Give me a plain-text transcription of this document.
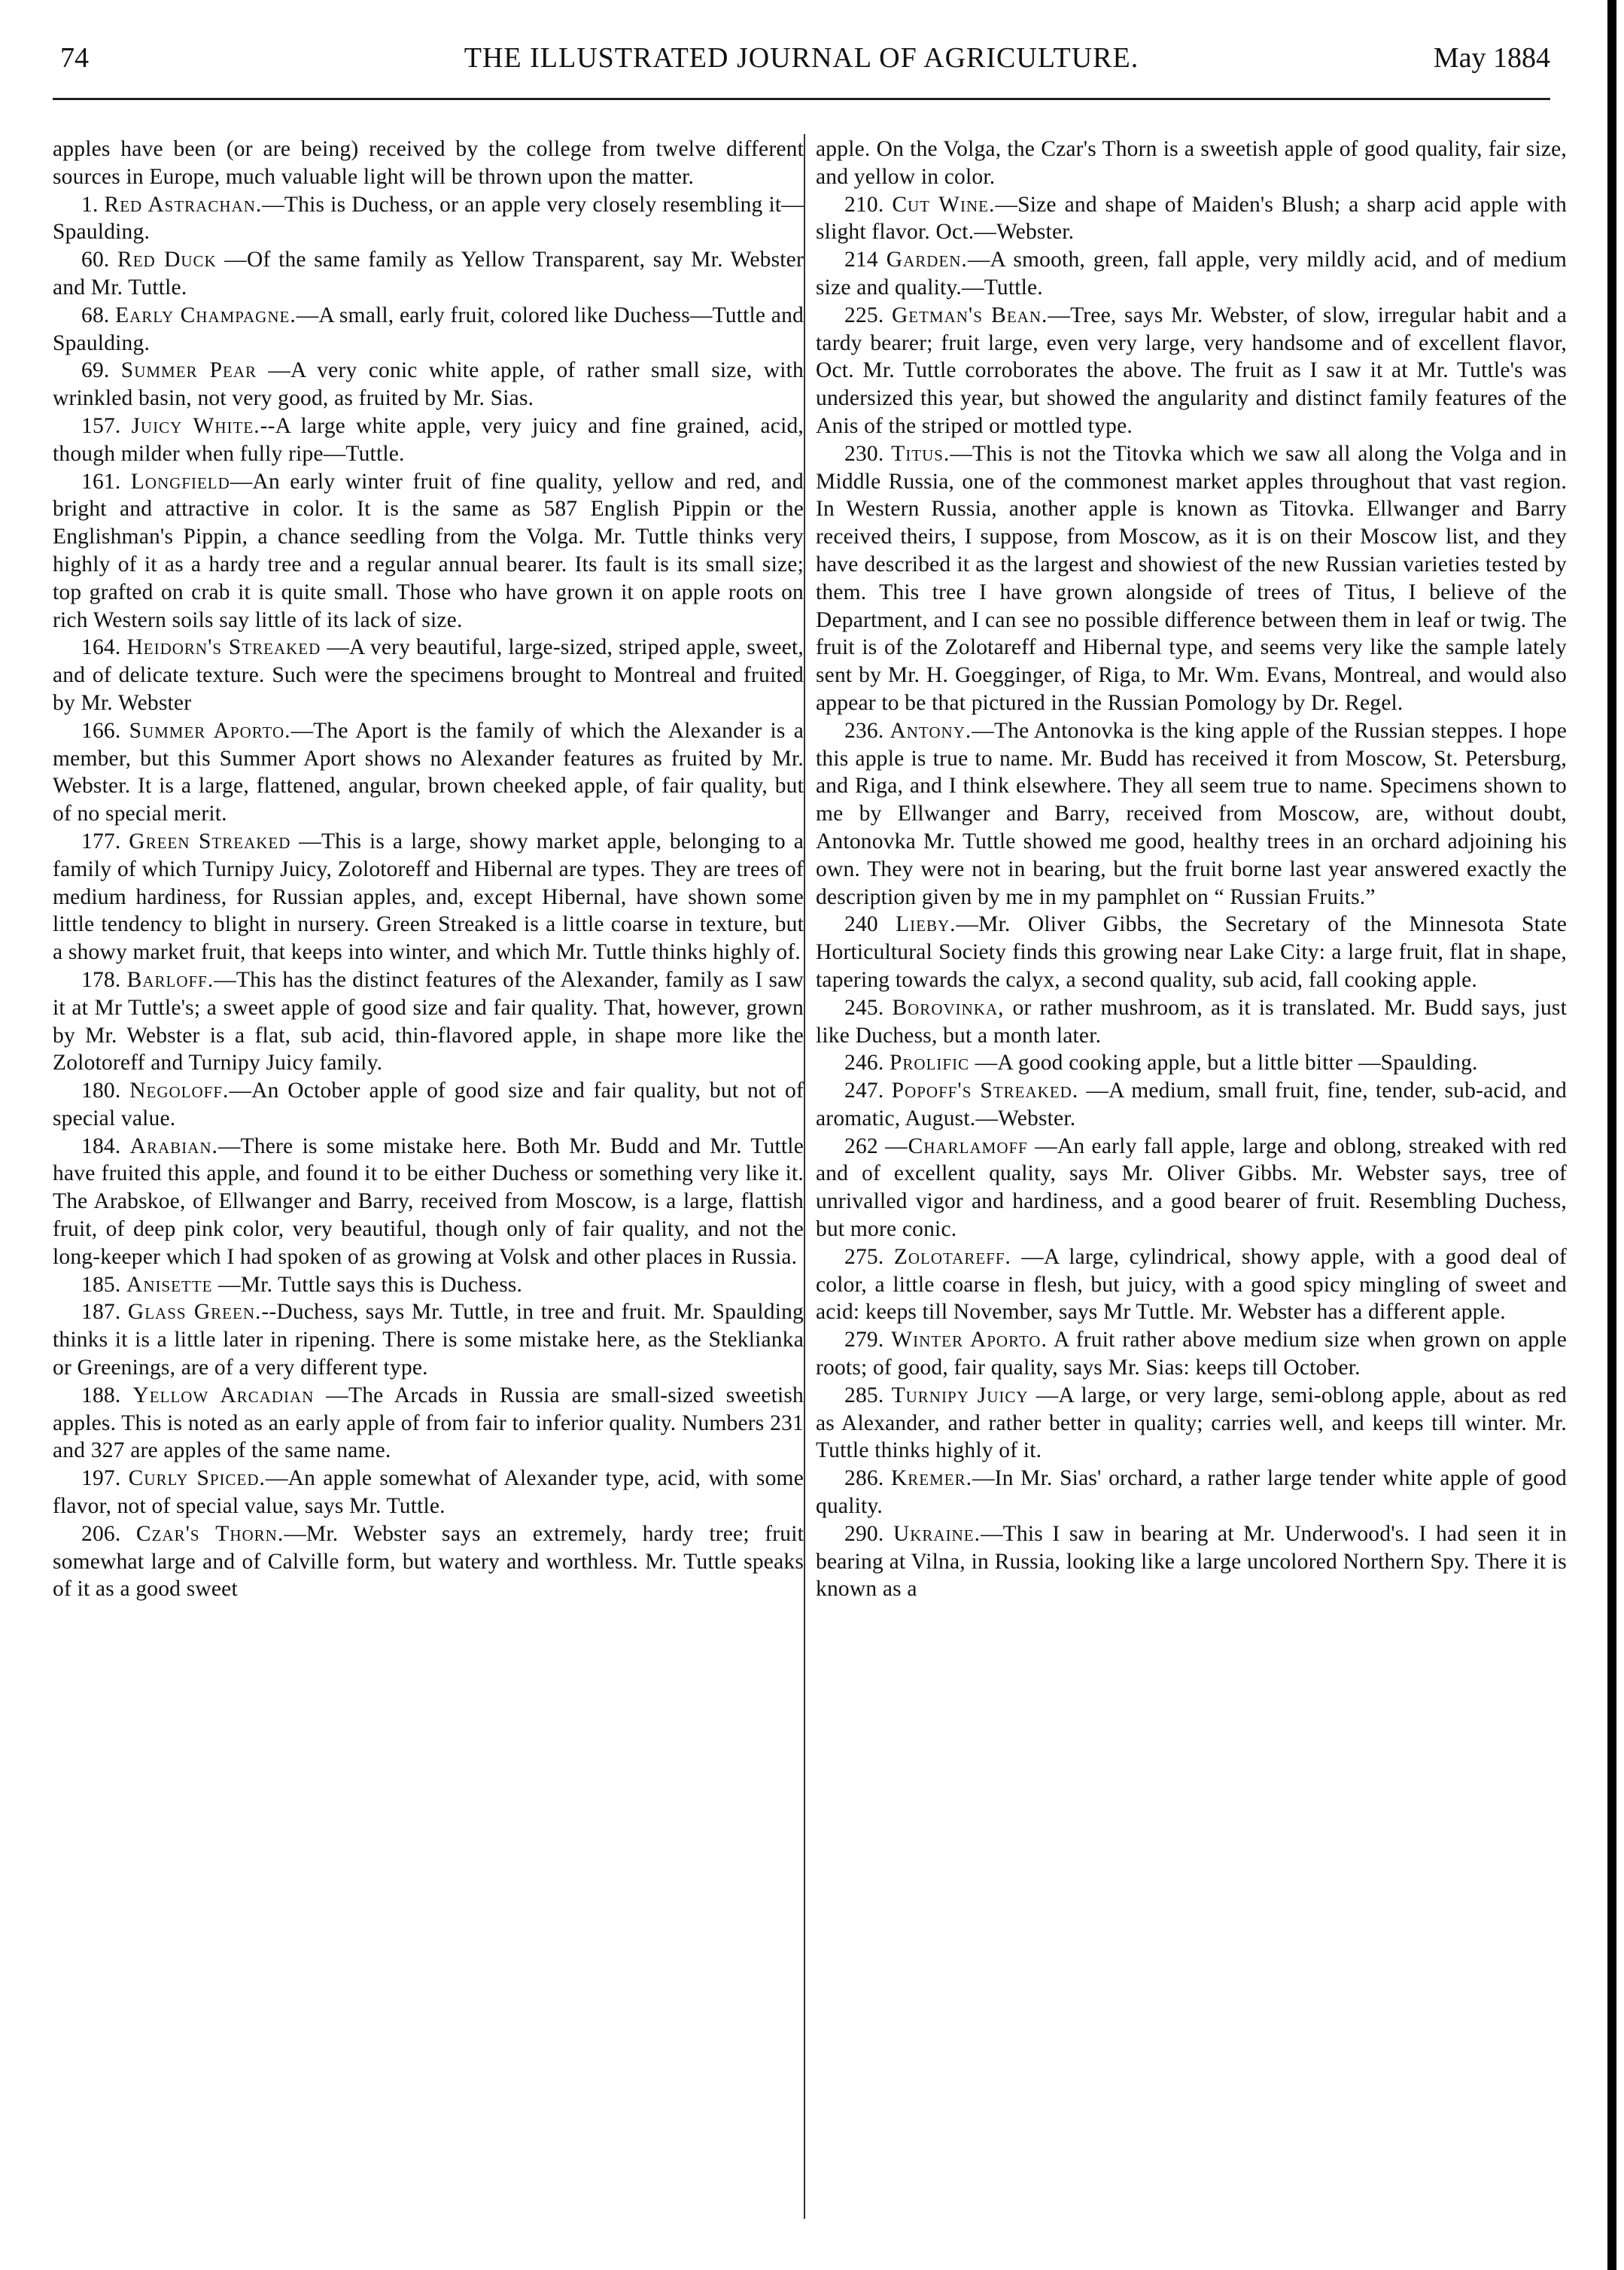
74	THE ILLUSTRATED JOURNAL OF AGRICULTURE.	May 1884

apples have been (or are being) received by the college from twelve different sources in Europe, much valuable light will be thrown upon the matter.

1. Red Astrachan.—This is Duchess, or an apple very closely resembling it—Spaulding.

60. Red Duck —Of the same family as Yellow Transparent, say Mr. Webster and Mr. Tuttle.

68. Early Champagne.—A small, early fruit, colored like Duchess—Tuttle and Spaulding.

69. Summer Pear —A very conic white apple, of rather small size, with wrinkled basin, not very good, as fruited by Mr. Sias.

157. Juicy White.--A large white apple, very juicy and fine grained, acid, though milder when fully ripe—Tuttle.

161. Longfield—An early winter fruit of fine quality, yellow and red, and bright and attractive in color. It is the same as 587 English Pippin or the Englishman's Pippin, a chance seedling from the Volga. Mr. Tuttle thinks very highly of it as a hardy tree and a regular annual bearer. Its fault is its small size; top grafted on crab it is quite small. Those who have grown it on apple roots on rich Western soils say little of its lack of size.

164. Heidorn's Streaked —A very beautiful, large-sized, striped apple, sweet, and of delicate texture. Such were the specimens brought to Montreal and fruited by Mr. Webster

166. Summer Aporto.—The Aport is the family of which the Alexander is a member, but this Summer Aport shows no Alexander features as fruited by Mr. Webster. It is a large, flattened, angular, brown cheeked apple, of fair quality, but of no special merit.

177. Green Streaked —This is a large, showy market apple, belonging to a family of which Turnipy Juicy, Zolotoreff and Hibernal are types. They are trees of medium hardiness, for Russian apples, and, except Hibernal, have shown some little tendency to blight in nursery. Green Streaked is a little coarse in texture, but a showy market fruit, that keeps into winter, and which Mr. Tuttle thinks highly of.

178. Barloff.—This has the distinct features of the Alexander, family as I saw it at Mr Tuttle's; a sweet apple of good size and fair quality. That, however, grown by Mr. Webster is a flat, sub acid, thin-flavored apple, in shape more like the Zolotoreff and Turnipy Juicy family.

180. Negoloff.—An October apple of good size and fair quality, but not of special value.

184. Arabian.—There is some mistake here. Both Mr. Budd and Mr. Tuttle have fruited this apple, and found it to be either Duchess or something very like it. The Arabskoe, of Ellwanger and Barry, received from Moscow, is a large, flattish fruit, of deep pink color, very beautiful, though only of fair quality, and not the long-keeper which I had spoken of as growing at Volsk and other places in Russia.

185. Anisette —Mr. Tuttle says this is Duchess.

187. Glass Green.--Duchess, says Mr. Tuttle, in tree and fruit. Mr. Spaulding thinks it is a little later in ripening. There is some mistake here, as the Steklianka or Greenings, are of a very different type.

188. Yellow Arcadian —The Arcads in Russia are small-sized sweetish apples. This is noted as an early apple of from fair to inferior quality. Numbers 231 and 327 are apples of the same name.

197. Curly Spiced.—An apple somewhat of Alexander type, acid, with some flavor, not of special value, says Mr. Tuttle.

206. Czar's Thorn.—Mr. Webster says an extremely, hardy tree; fruit somewhat large and of Calville form, but watery and worthless. Mr. Tuttle speaks of it as a good sweet

apple. On the Volga, the Czar's Thorn is a sweetish apple of good quality, fair size, and yellow in color.

210. Cut Wine.—Size and shape of Maiden's Blush; a sharp acid apple with slight flavor. Oct.—Webster.

214 Garden.—A smooth, green, fall apple, very mildly acid, and of medium size and quality.—Tuttle.

225. Getman's Bean.—Tree, says Mr. Webster, of slow, irregular habit and a tardy bearer; fruit large, even very large, very handsome and of excellent flavor, Oct. Mr. Tuttle corroborates the above. The fruit as I saw it at Mr. Tuttle's was undersized this year, but showed the angularity and distinct family features of the Anis of the striped or mottled type.

230. Titus.—This is not the Titovka which we saw all along the Volga and in Middle Russia, one of the commonest market apples throughout that vast region. In Western Russia, another apple is known as Titovka. Ellwanger and Barry received theirs, I suppose, from Moscow, as it is on their Moscow list, and they have described it as the largest and showiest of the new Russian varieties tested by them. This tree I have grown alongside of trees of Titus, I believe of the Department, and I can see no possible difference between them in leaf or twig. The fruit is of the Zolotareff and Hibernal type, and seems very like the sample lately sent by Mr. H. Goegginger, of Riga, to Mr. Wm. Evans, Montreal, and would also appear to be that pictured in the Russian Pomology by Dr. Regel.

236. Antony.—The Antonovka is the king apple of the Russian steppes. I hope this apple is true to name. Mr. Budd has received it from Moscow, St. Petersburg, and Riga, and I think elsewhere. They all seem true to name. Specimens shown to me by Ellwanger and Barry, received from Moscow, are, without doubt, Antonovka Mr. Tuttle showed me good, healthy trees in an orchard adjoining his own. They were not in bearing, but the fruit borne last year answered exactly the description given by me in my pamphlet on “ Russian Fruits.”

240 Lieby.—Mr. Oliver Gibbs, the Secretary of the Minnesota State Horticultural Society finds this growing near Lake City: a large fruit, flat in shape, tapering towards the calyx, a second quality, sub acid, fall cooking apple.

245. Borovinka, or rather mushroom, as it is translated. Mr. Budd says, just like Duchess, but a month later.

246. Prolific —A good cooking apple, but a little bitter —Spaulding.

247. Popoff's Streaked. —A medium, small fruit, fine, tender, sub-acid, and aromatic, August.—Webster.

262 —Charlamoff —An early fall apple, large and oblong, streaked with red and of excellent quality, says Mr. Oliver Gibbs. Mr. Webster says, tree of unrivalled vigor and hardiness, and a good bearer of fruit. Resembling Duchess, but more conic.

275. Zolotareff. —A large, cylindrical, showy apple, with a good deal of color, a little coarse in flesh, but juicy, with a good spicy mingling of sweet and acid: keeps till November, says Mr Tuttle. Mr. Webster has a different apple.

279. Winter Aporto. A fruit rather above medium size when grown on apple roots; of good, fair quality, says Mr. Sias: keeps till October.

285. Turnipy Juicy —A large, or very large, semi-oblong apple, about as red as Alexander, and rather better in quality; carries well, and keeps till winter. Mr. Tuttle thinks highly of it.

286. Kremer.—In Mr. Sias' orchard, a rather large tender white apple of good quality.

290. Ukraine.—This I saw in bearing at Mr. Underwood's. I had seen it in bearing at Vilna, in Russia, looking like a large uncolored Northern Spy. There it is known as a
